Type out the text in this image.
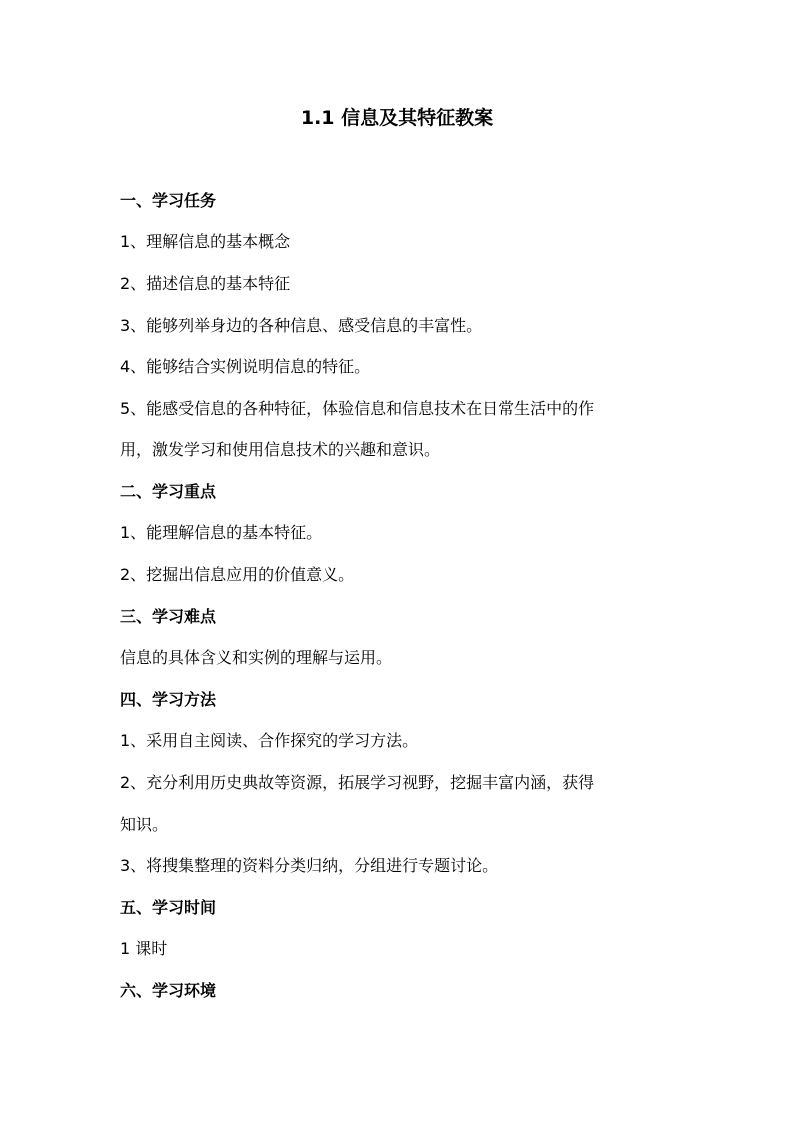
1.1 信息及其特征教案
一、学习任务
1、理解信息的基本概念
2、描述信息的基本特征
3、能够列举身边的各种信息、感受信息的丰富性。
4、能够结合实例说明信息的特征。
5、能感受信息的各种特征，体验信息和信息技术在日常生活中的作
用，激发学习和使用信息技术的兴趣和意识。
二、学习重点
1、能理解信息的基本特征。
2、挖掘出信息应用的价值意义。
三、学习难点
信息的具体含义和实例的理解与运用。
四、学习方法
1、采用自主阅读、合作探究的学习方法。
2、充分利用历史典故等资源，拓展学习视野，挖掘丰富内涵，获得
知识。
3、将搜集整理的资料分类归纳，分组进行专题讨论。
五、学习时间
1 课时
六、学习环境
